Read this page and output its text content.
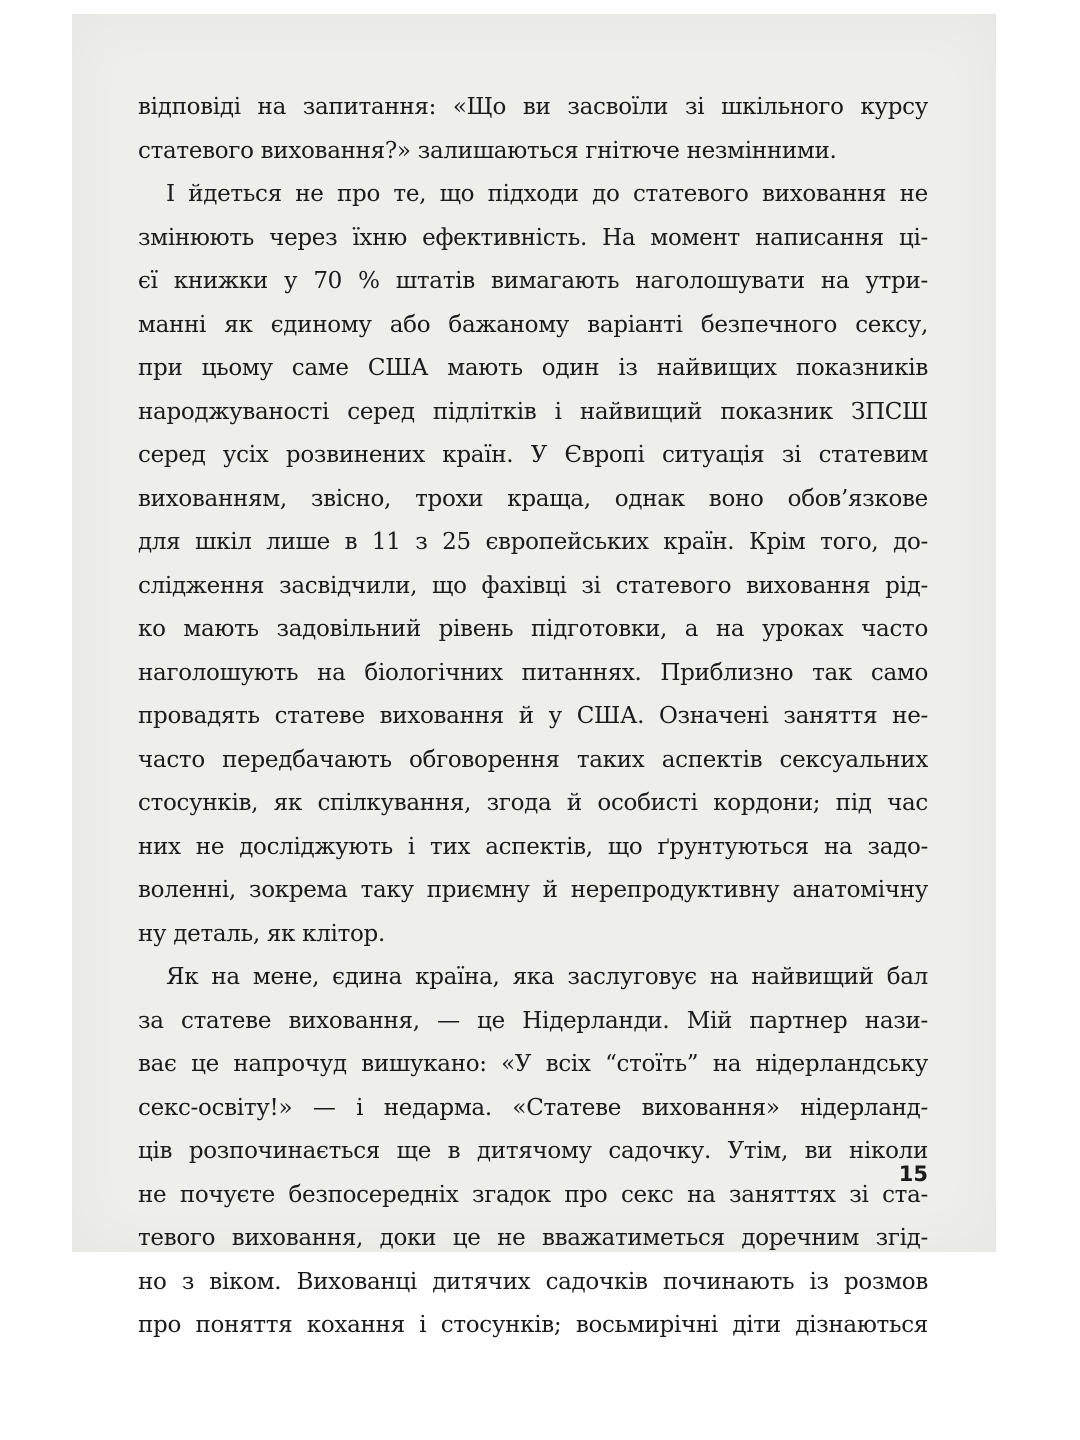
відповіді на запитання: «Що ви засвоїли зі шкільного курсу
статевого виховання?» залишаються гнітюче незмінними.
І йдеться не про те, що підходи до статевого виховання не
змінюють через їхню ефективність. На момент написання ці-
єї книжки у 70 % штатів вимагають наголошувати на утри-
манні як єдиному або бажаному варіанті безпечного сексу,
при цьому саме США мають один із найвищих показників
народжуваності серед підлітків і найвищий показник ЗПСШ
серед усіх розвинених країн. У Європі ситуація зі статевим
вихованням, звісно, трохи краща, однак воно обов’язкове
для шкіл лише в 11 з 25 європейських країн. Крім того, до-
слідження засвідчили, що фахівці зі статевого виховання рід-
ко мають задовільний рівень підготовки, а на уроках часто
наголошують на біологічних питаннях. Приблизно так само
провадять статеве виховання й у США. Означені заняття не-
часто передбачають обговорення таких аспектів сексуальних
стосунків, як спілкування, згода й особисті кордони; під час
них не досліджують і тих аспектів, що ґрунтуються на задо-
воленні, зокрема таку приємну й нерепродуктивну анатомічну
ну деталь, як клітор.
Як на мене, єдина країна, яка заслуговує на найвищий бал
за статеве виховання, — це Нідерланди. Мій партнер нази-
ває це напрочуд вишукано: «У всіх “стоїть” на нідерландську
секс-освіту!» — і недарма. «Статеве виховання» нідерланд-
ців розпочинається ще в дитячому садочку. Утім, ви ніколи
не почуєте безпосередніх згадок про секс на заняттях зі ста-
тевого виховання, доки це не вважатиметься доречним згід-
но з віком. Вихованці дитячих садочків починають із розмов
про поняття кохання і стосунків; восьмирічні діти дізнаються
15
